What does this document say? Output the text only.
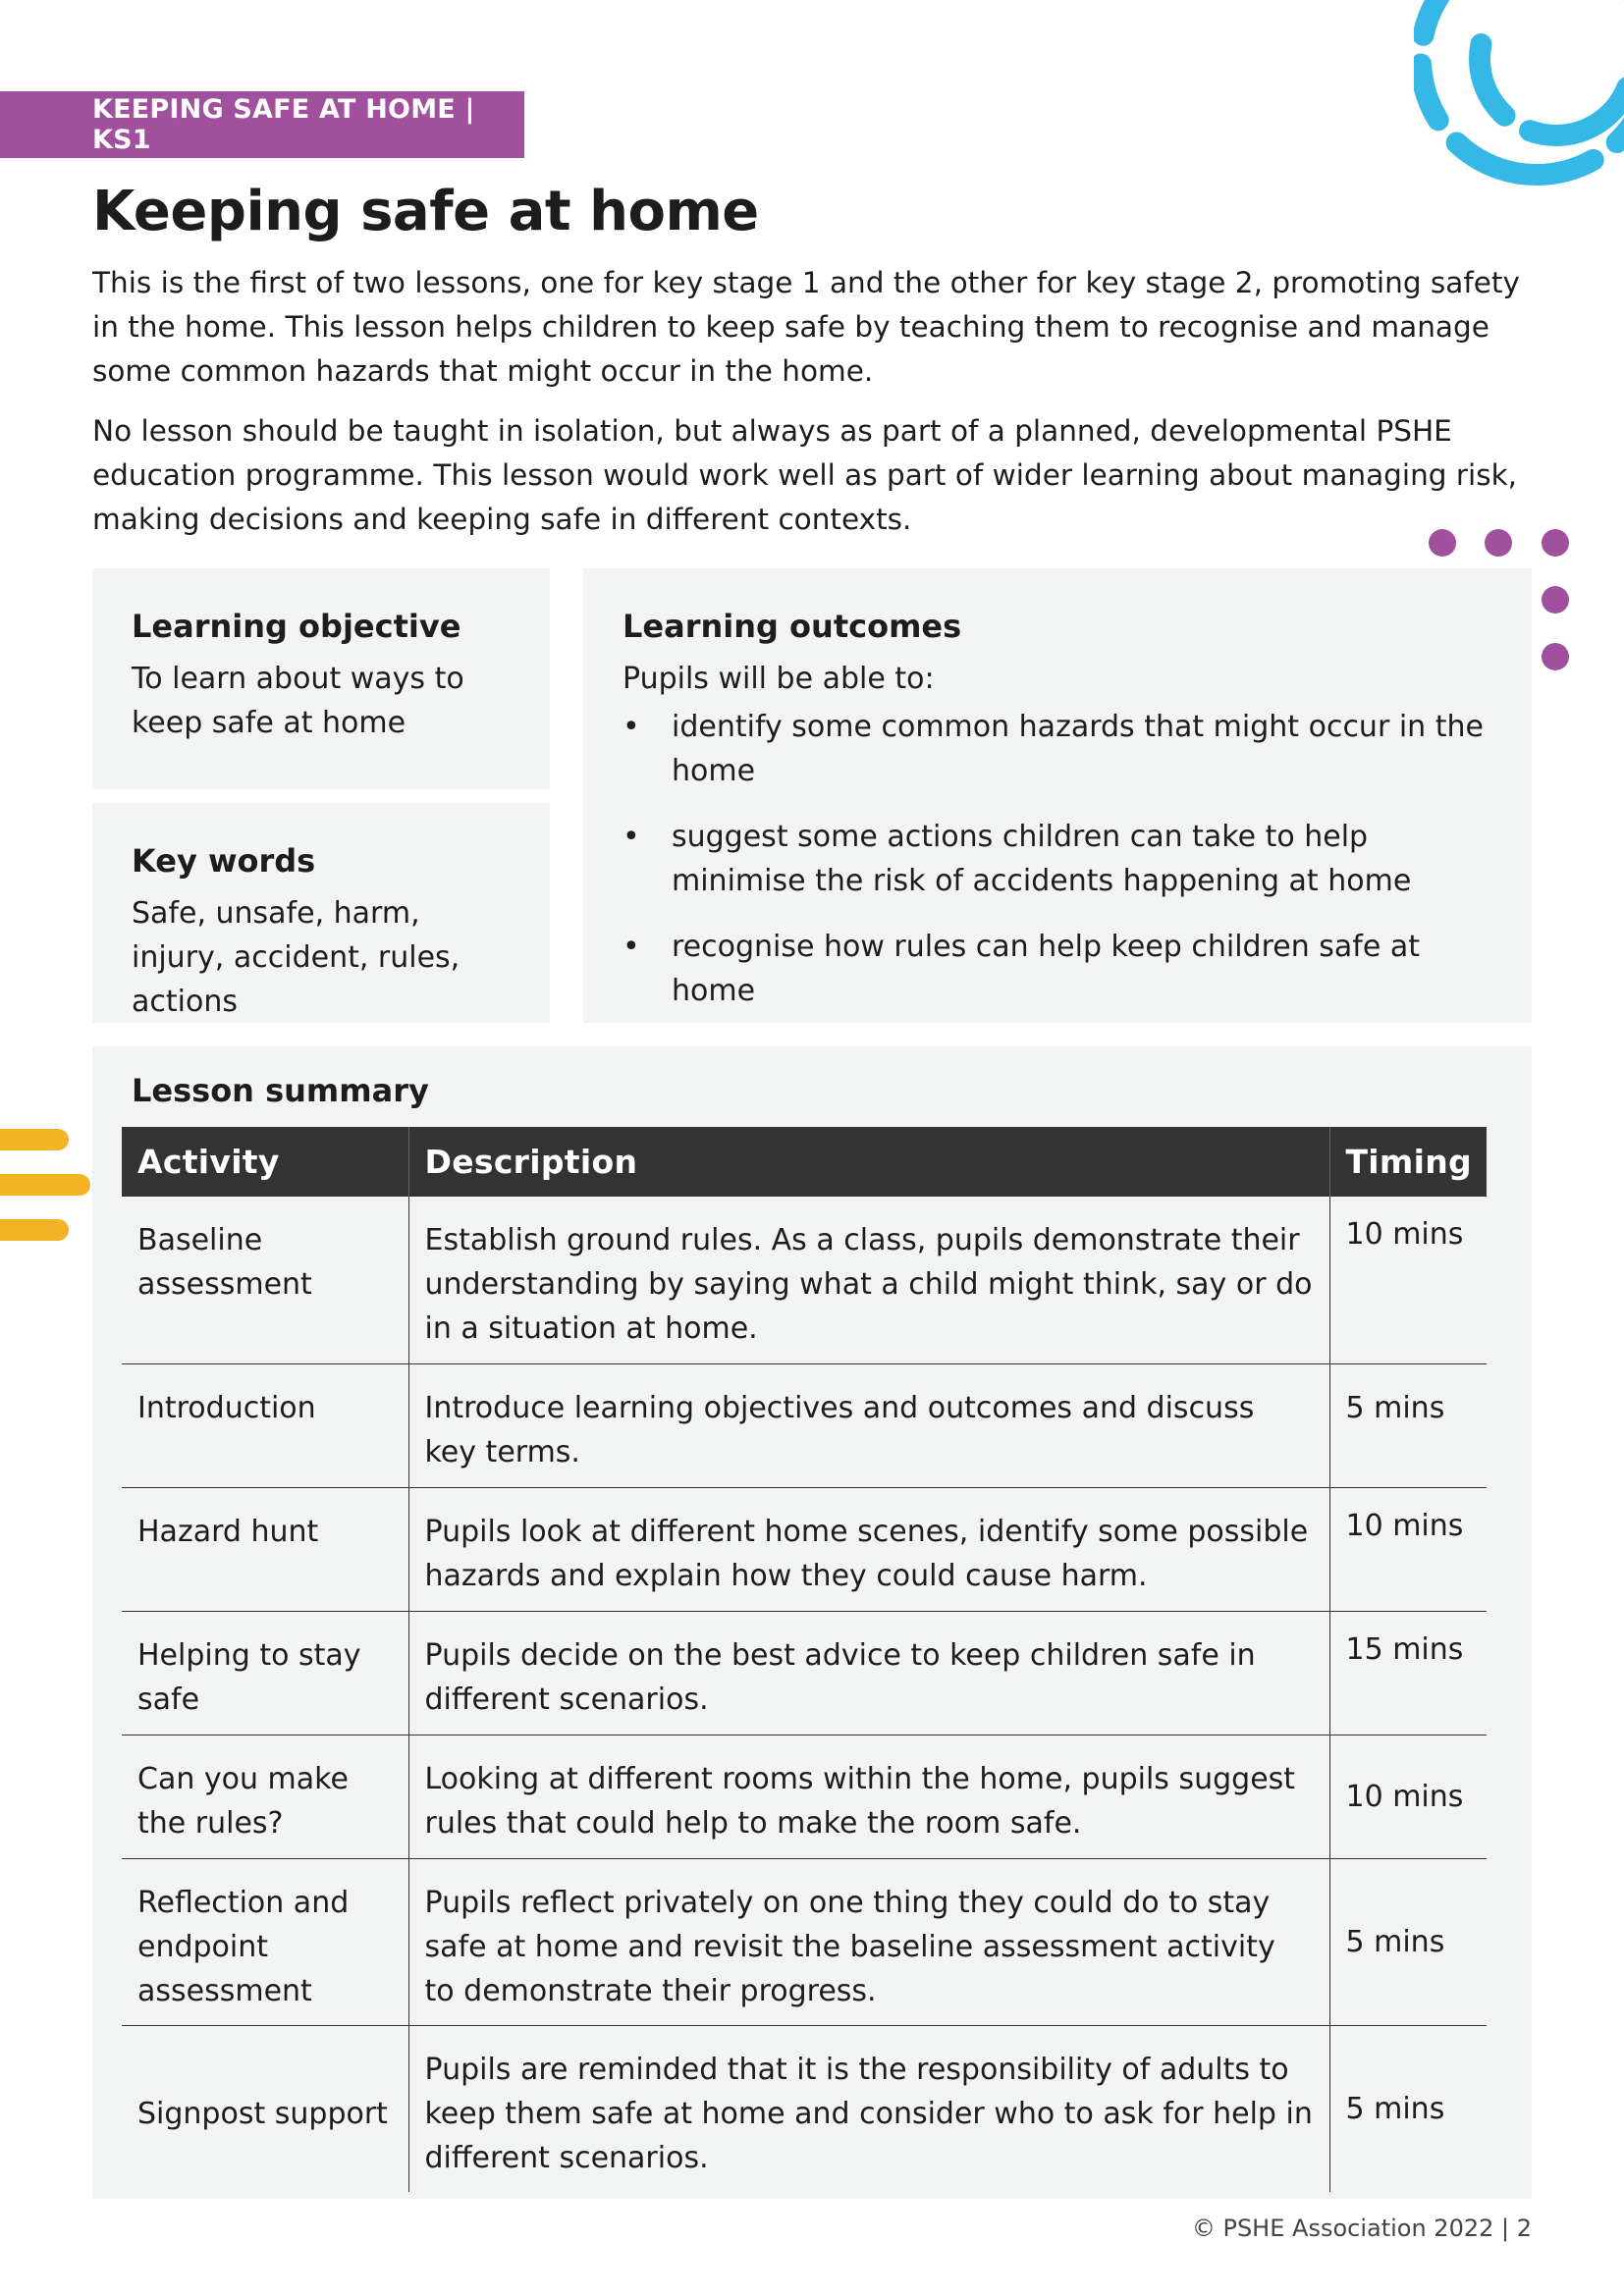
KEEPING SAFE AT HOME | KS1
Keeping safe at home

This is the first of two lessons, one for key stage 1 and the other for key stage 2, promoting safety in the home. This lesson helps children to keep safe by teaching them to recognise and manage some common hazards that might occur in the home.

No lesson should be taught in isolation, but always as part of a planned, developmental PSHE education programme. This lesson would work well as part of wider learning about managing risk, making decisions and keeping safe in different contexts.

Learning objective
To learn about ways to keep safe at home
Key words
Safe, unsafe, harm, injury, accident, rules, actions
Learning outcomes
Pupils will be able to:
• identify some common hazards that might occur in the home
• suggest some actions children can take to help minimise the risk of accidents happening at home
• recognise how rules can help keep children safe at home
Lesson summary
Activity	Description	Timing
Baseline assessment	Establish ground rules. As a class, pupils demonstrate their understanding by saying what a child might think, say or do in a situation at home.	10 mins
Introduction	Introduce learning objectives and outcomes and discuss key terms.	5 mins
Hazard hunt	Pupils look at different home scenes, identify some possible hazards and explain how they could cause harm.	10 mins
Helping to stay safe	Pupils decide on the best advice to keep children safe in different scenarios.	15 mins
Can you make the rules?	Looking at different rooms within the home, pupils suggest rules that could help to make the room safe.	10 mins
Reflection and endpoint assessment	Pupils reflect privately on one thing they could do to stay safe at home and revisit the baseline assessment activity to demonstrate their progress.	5 mins
Signpost support	Pupils are reminded that it is the responsibility of adults to keep them safe at home and consider who to ask for help in different scenarios.	5 mins
© PSHE Association 2022 | 2
